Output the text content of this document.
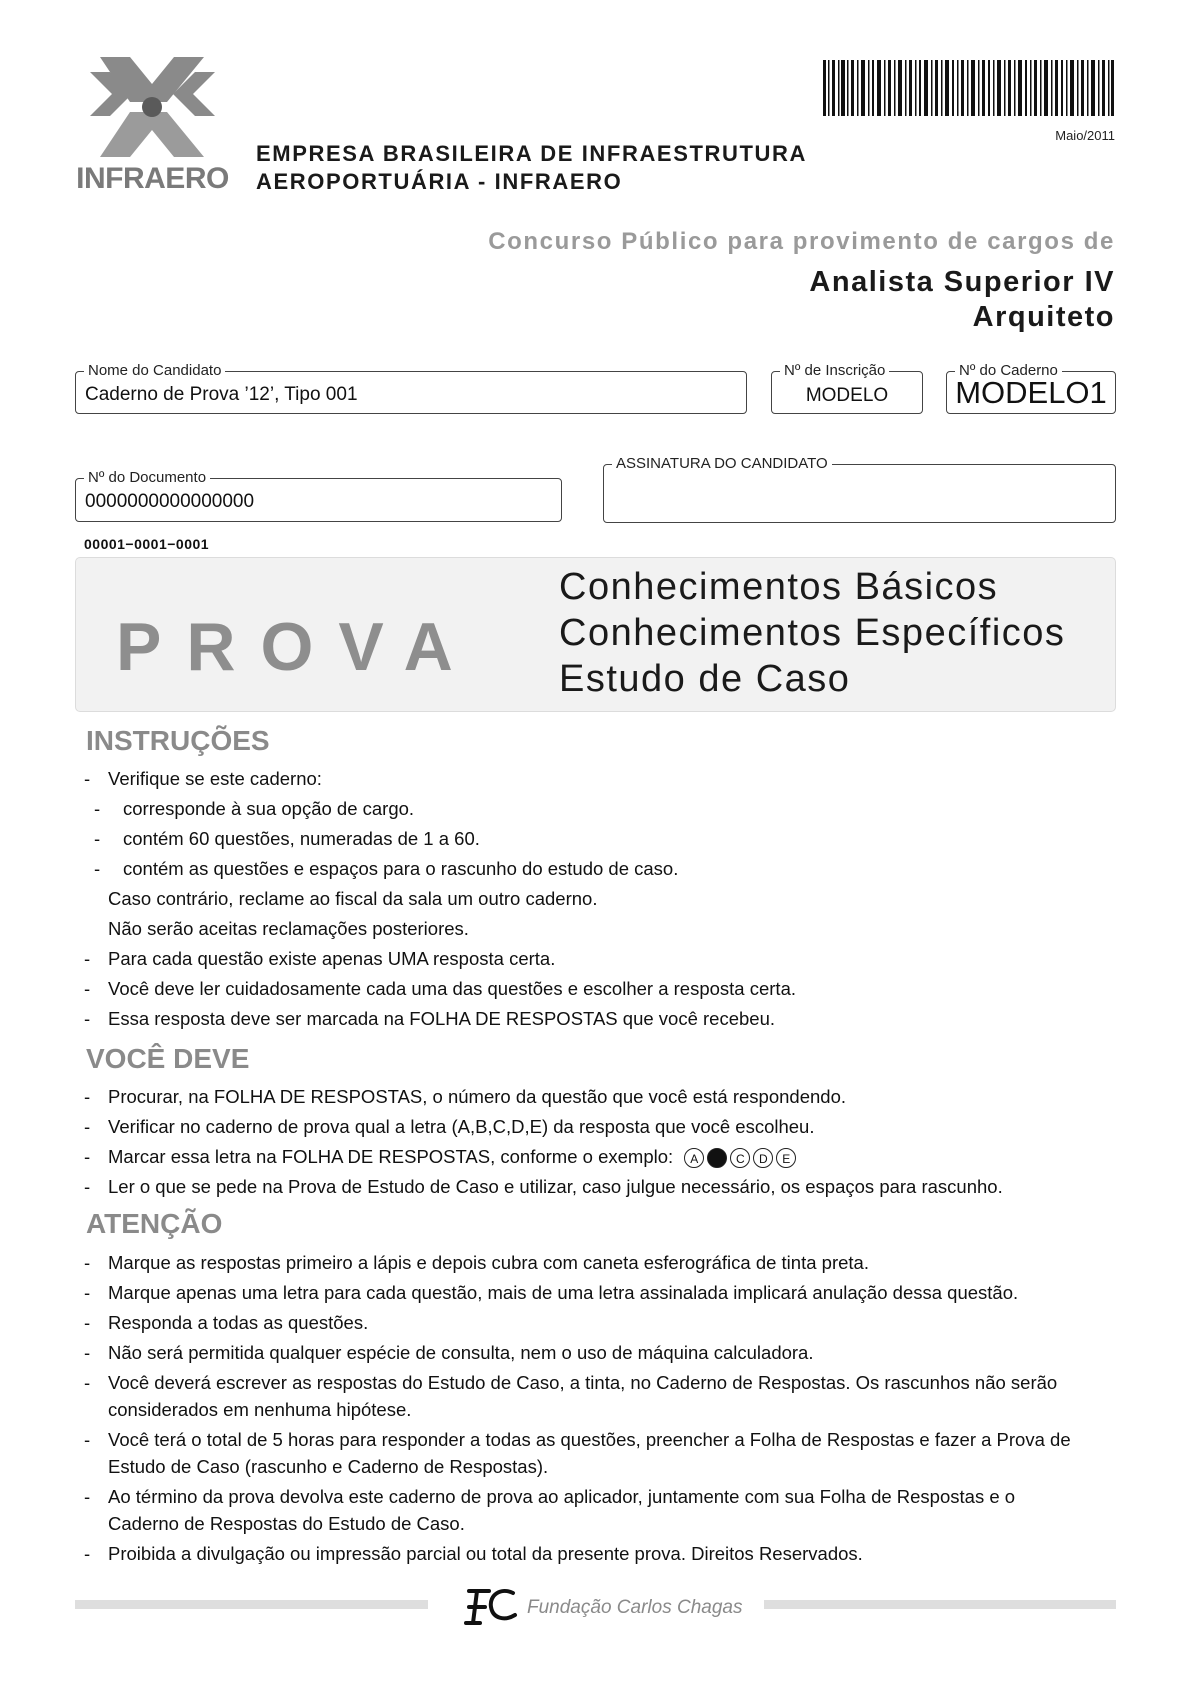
INFRAERO
EMPRESA BRASILEIRA DE INFRAESTRUTURA
AEROPORTUÁRIA - INFRAERO
Maio/2011
Concurso Público para provimento de cargos de
Analista Superior IV
Arquiteto
Nome do Candidato
Caderno de Prova ’12’, Tipo 001
Nº de Inscrição
MODELO
Nº do Caderno
MODELO1
Nº do Documento
0000000000000000
ASSINATURA DO CANDIDATO
00001−0001−0001
PROVA
Conhecimentos Básicos
Conhecimentos Específicos
Estudo de Caso
INSTRUÇÕES
- Verifique se este caderno:
- corresponde à sua opção de cargo.
- contém 60 questões, numeradas de 1 a 60.
- contém as questões e espaços para o rascunho do estudo de caso.
Caso contrário, reclame ao fiscal da sala um outro caderno.
Não serão aceitas reclamações posteriores.
- Para cada questão existe apenas UMA resposta certa.
- Você deve ler cuidadosamente cada uma das questões e escolher a resposta certa.
- Essa resposta deve ser marcada na FOLHA DE RESPOSTAS que você recebeu.
VOCÊ DEVE
- Procurar, na FOLHA DE RESPOSTAS, o número da questão que você está respondendo.
- Verificar no caderno de prova qual a letra (A,B,C,D,E) da resposta que você escolheu.
- Marcar essa letra na FOLHA DE RESPOSTAS, conforme o exemplo:	A	C	D	E
- Ler o que se pede na Prova de Estudo de Caso e utilizar, caso julgue necessário, os espaços para rascunho.
ATENÇÃO
- Marque as respostas primeiro a lápis e depois cubra com caneta esferográfica de tinta preta.
- Marque apenas uma letra para cada questão, mais de uma letra assinalada implicará anulação dessa questão.
- Responda a todas as questões.
- Não será permitida qualquer espécie de consulta, nem o uso de máquina calculadora.
- Você deverá escrever as respostas do Estudo de Caso, a tinta, no Caderno de Respostas. Os rascunhos não serão
considerados em nenhuma hipótese.
- Você terá o total de 5 horas para responder a todas as questões, preencher a Folha de Respostas e fazer a Prova de
Estudo de Caso (rascunho e Caderno de Respostas).
- Ao término da prova devolva este caderno de prova ao aplicador, juntamente com sua Folha de Respostas e o
Caderno de Respostas do Estudo de Caso.
- Proibida a divulgação ou impressão parcial ou total da presente prova. Direitos Reservados.
Fundação Carlos Chagas
